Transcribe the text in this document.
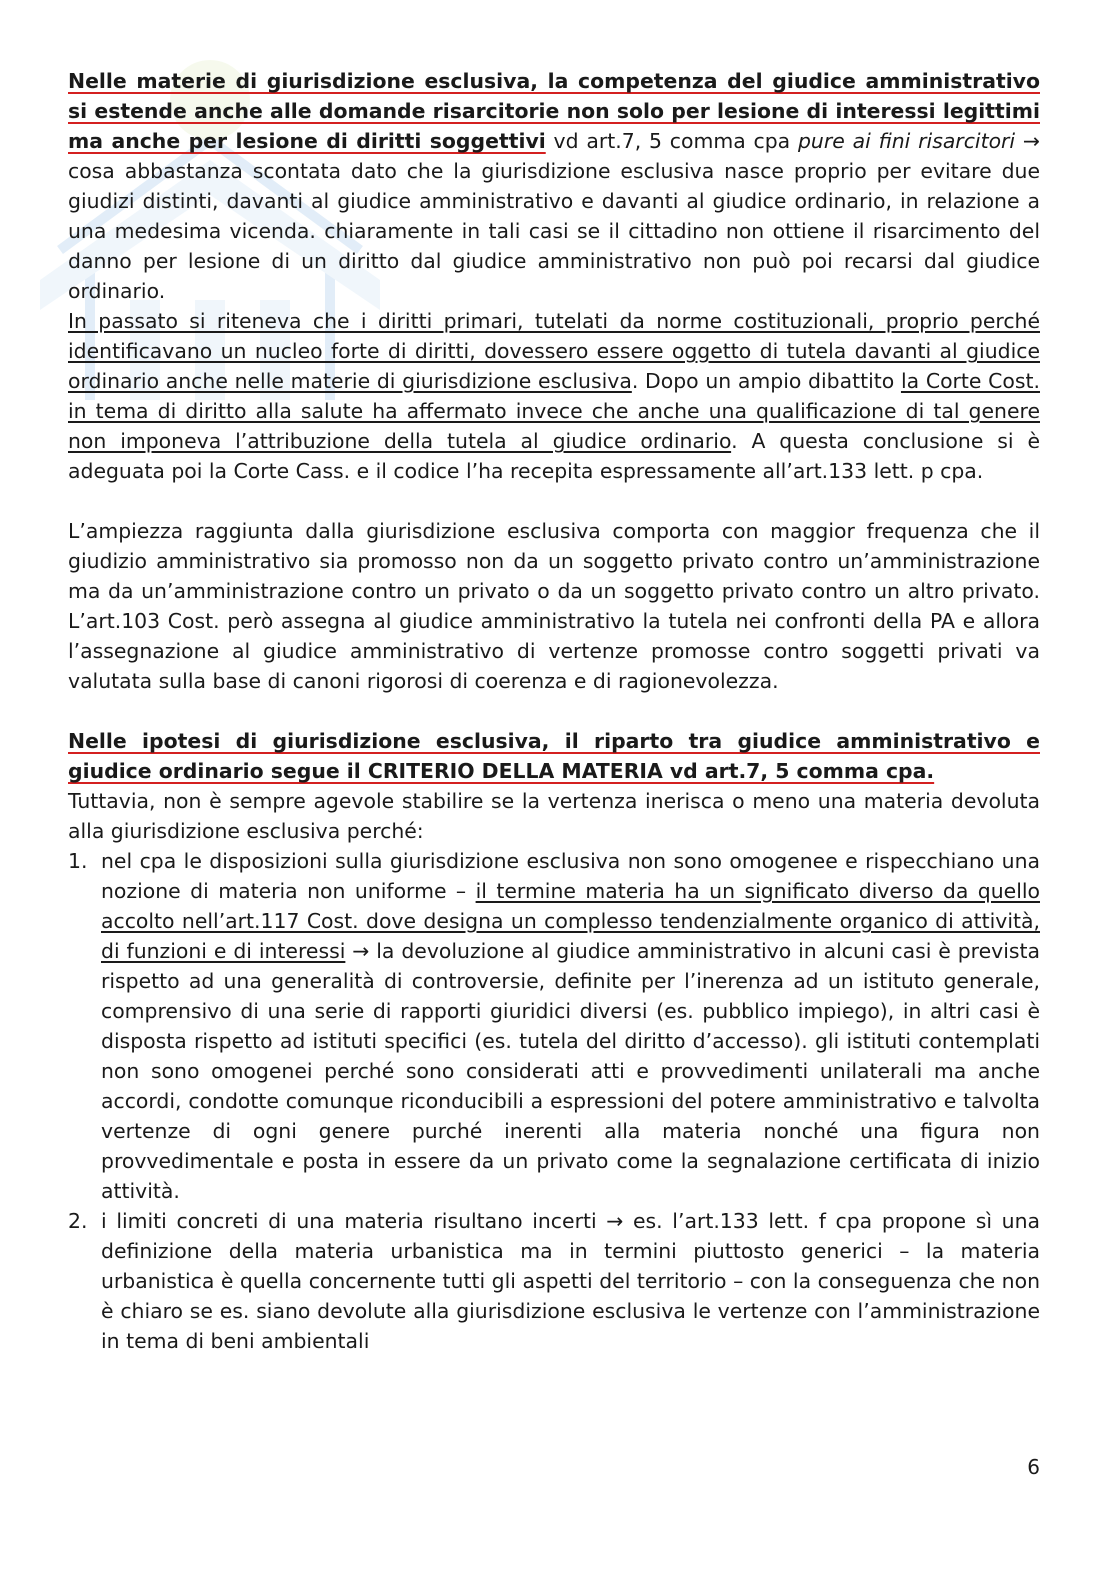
Nelle materie di giurisdizione esclusiva, la competenza del giudice amministrativo si estende anche alle domande risarcitorie non solo per lesione di interessi legittimi ma anche per lesione di diritti soggettivi vd art.7, 5 comma cpa pure ai fini risarcitori → cosa abbastanza scontata dato che la giurisdizione esclusiva nasce proprio per evitare due giudizi distinti, davanti al giudice amministrativo e davanti al giudice ordinario, in relazione a una medesima vicenda. chiaramente in tali casi se il cittadino non ottiene il risarcimento del danno per lesione di un diritto dal giudice amministrativo non può poi recarsi dal giudice ordinario.

In passato si riteneva che i diritti primari, tutelati da norme costituzionali, proprio perché identificavano un nucleo forte di diritti, dovessero essere oggetto di tutela davanti al giudice ordinario anche nelle materie di giurisdizione esclusiva. Dopo un ampio dibattito la Corte Cost. in tema di diritto alla salute ha affermato invece che anche una qualificazione di tal genere non imponeva l’attribuzione della tutela al giudice ordinario. A questa conclusione si è adeguata poi la Corte Cass. e il codice l’ha recepita espressamente all’art.133 lett. p cpa.

L’ampiezza raggiunta dalla giurisdizione esclusiva comporta con maggior frequenza che il giudizio amministrativo sia promosso non da un soggetto privato contro un’amministrazione ma da un’amministrazione contro un privato o da un soggetto privato contro un altro privato. L’art.103 Cost. però assegna al giudice amministrativo la tutela nei confronti della PA e allora l’assegnazione al giudice amministrativo di vertenze promosse contro soggetti privati va valutata sulla base di canoni rigorosi di coerenza e di ragionevolezza.

Nelle ipotesi di giurisdizione esclusiva, il riparto tra giudice amministrativo e giudice ordinario segue il CRITERIO DELLA MATERIA vd art.7, 5 comma cpa.

Tuttavia, non è sempre agevole stabilire se la vertenza inerisca o meno una materia devoluta alla giurisdizione esclusiva perché:

1. nel cpa le disposizioni sulla giurisdizione esclusiva non sono omogenee e rispecchiano una nozione di materia non uniforme – il termine materia ha un significato diverso da quello accolto nell’art.117 Cost. dove designa un complesso tendenzialmente organico di attività, di funzioni e di interessi → la devoluzione al giudice amministrativo in alcuni casi è prevista rispetto ad una generalità di controversie, definite per l’inerenza ad un istituto generale, comprensivo di una serie di rapporti giuridici diversi (es. pubblico impiego), in altri casi è disposta rispetto ad istituti specifici (es. tutela del diritto d’accesso). gli istituti contemplati non sono omogenei perché sono considerati atti e provvedimenti unilaterali ma anche accordi, condotte comunque riconducibili a espressioni del potere amministrativo e talvolta vertenze di ogni genere purché inerenti alla materia nonché una figura non provvedimentale e posta in essere da un privato come la segnalazione certificata di inizio attività.
2. i limiti concreti di una materia risultano incerti → es. l’art.133 lett. f cpa propone sì una definizione della materia urbanistica ma in termini piuttosto generici – la materia urbanistica è quella concernente tutti gli aspetti del territorio – con la conseguenza che non è chiaro se es. siano devolute alla giurisdizione esclusiva le vertenze con l’amministrazione in tema di beni ambientali
6
